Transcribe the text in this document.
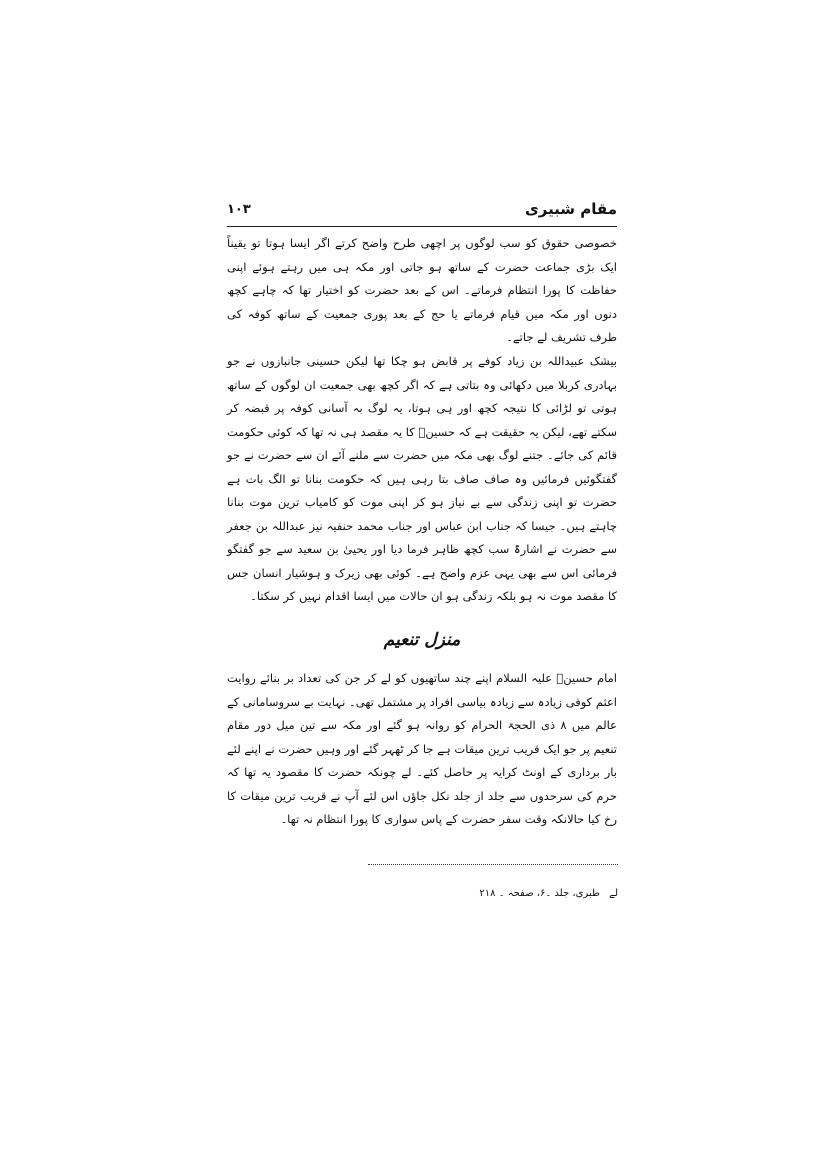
مقام شبیری
۱۰۳

خصوصی حقوق کو سب لوگوں پر اچھی طرح واضح کرتے اگر ایسا ہوتا تو یقیناً ایک بڑی جماعت حضرت کے ساتھ ہو جاتی اور مکہ ہی میں رہتے ہوئے اپنی حفاظت کا پورا انتظام فرماتے۔ اس کے بعد حضرت کو اختیار تھا کہ چاہے کچھ دنوں اور مکہ میں قیام فرماتے یا حج کے بعد پوری جمعیت کے ساتھ کوفہ کی طرف تشریف لے جاتے۔

بیشک عبیداللہ بن زیاد کوفے پر قابض ہو چکا تھا لیکن حسینی جانبازوں نے جو بہادری کربلا میں دکھائی وہ بتاتی ہے کہ اگر کچھ بھی جمعیت ان لوگوں کے ساتھ ہوتی تو لڑائی کا نتیجہ کچھ اور ہی ہوتا، یہ لوگ بہ آسانی کوفہ پر قبضہ کر سکتے تھے، لیکن یہ حقیقت ہے کہ حسینؑ کا یہ مقصد ہی نہ تھا کہ کوئی حکومت قائم کی جائے۔ جتنے لوگ بھی مکہ میں حضرت سے ملنے آئے ان سے حضرت نے جو گفتگوئیں فرمائیں وہ صاف صاف بتا رہی ہیں کہ حکومت بنانا تو الگ بات ہے حضرت تو اپنی زندگی سے بے نیاز ہو کر اپنی موت کو کامیاب ترین موت بنانا چاہتے ہیں۔ جیسا کہ جناب ابن عباس اور جناب محمد حنفیہ نیز عبداللہ بن جعفر سے حضرت نے اشارۃً سب کچھ ظاہر فرما دیا اور یحییٰ بن سعید سے جو گفتگو فرمائی اس سے بھی یہی عزم واضح ہے۔ کوئی بھی زیرک و ہوشیار انسان جس کا مقصد موت نہ ہو بلکہ زندگی ہو ان حالات میں ایسا اقدام نہیں کر سکتا۔

منزل تنعیم

امام حسینؑ علیہ السلام اپنے چند ساتھیوں کو لے کر جن کی تعداد بر بنائے روایت اعثم کوفی زیادہ سے زیادہ بیاسی افراد پر مشتمل تھی۔ نہایت بے سروسامانی کے عالم میں ۸ ذی الحجۃ الحرام کو روانہ ہو گئے اور مکہ سے تین میل دور مقام تنعیم پر جو ایک قریب ترین میقات ہے جا کر ٹھہر گئے اور وہیں حضرت نے اپنے لئے بار برداری کے اونٹ کرایہ پر حاصل کئے۔ لے چونکہ حضرت کا مقصود یہ تھا کہ حرم کی سرحدوں سے جلد از جلد نکل جاؤں اس لئے آپ نے قریب ترین میقات کا رخ کیا حالانکہ وقت سفر حضرت کے پاس سواری کا پورا انتظام نہ تھا۔

لے طبری، جلد ۔۶، صفحہ ۔ ۲۱۸
